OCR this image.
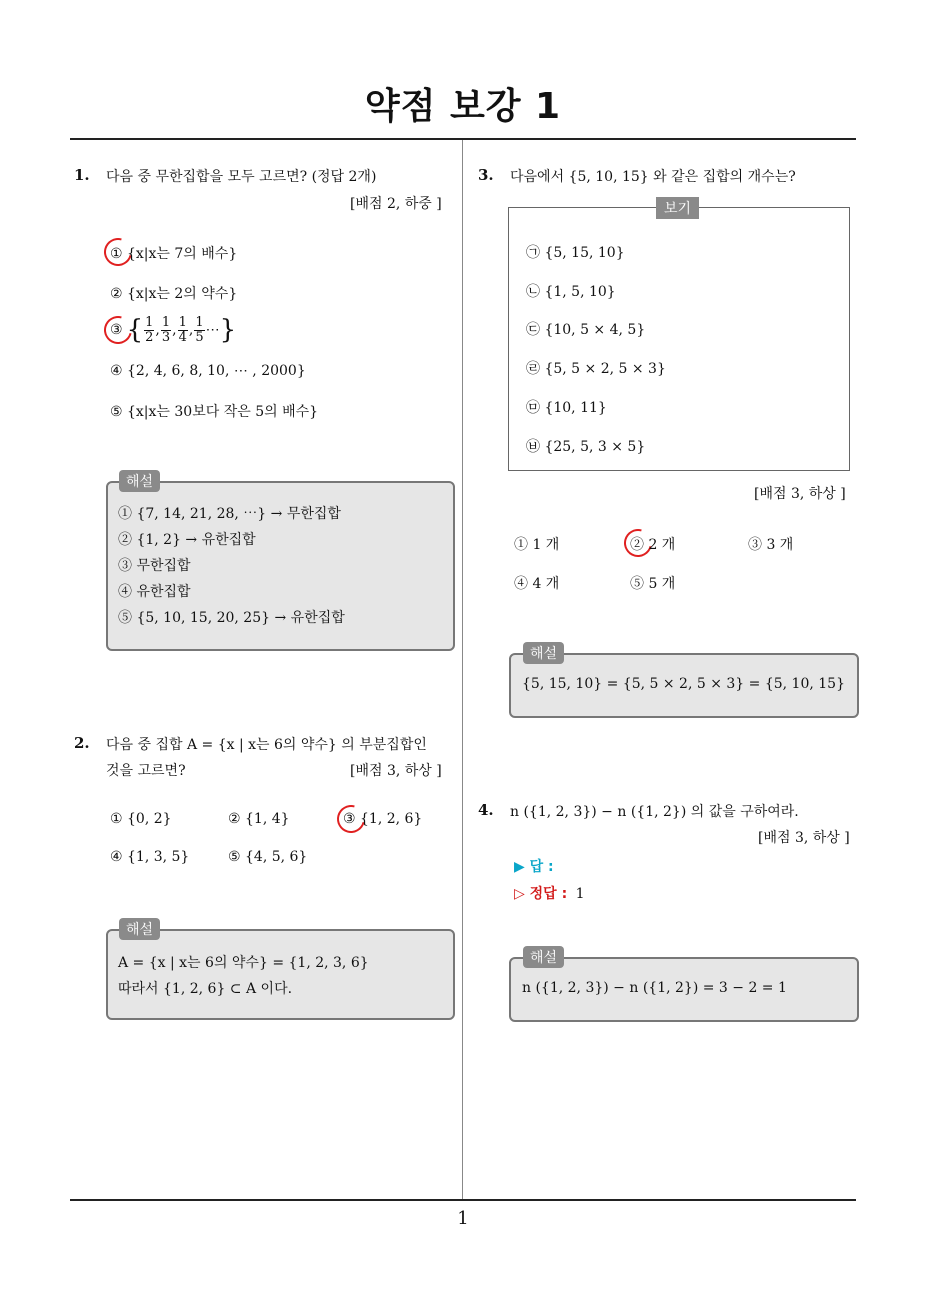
약점 보강 1
1. 다음 중 무한집합을 모두 고르면? (정답 2개)
[배점 2, 하중 ]
① {x|x는 7의 배수}
② {x|x는 2의 약수}
③ { $\frac{1}{2}$ , $\frac{1}{3}$ , $\frac{1}{4}$ , $\frac{1}{5}$ ⋯ }
④ {2, 4, 6, 8, 10, ⋯ , 2000}
⑤ {x|x는 30보다 작은 5의 배수}
해설
① {7, 14, 21, 28, ⋯} → 무한집합
② {1, 2} → 유한집합
③ 무한집합
④ 유한집합
⑤ {5, 10, 15, 20, 25} → 유한집합
2. 다음 중 집합 A = {x | x는 6의 약수} 의 부분집합인
것을 고르면?	[배점 3, 하상 ]
① {0, 2}	② {1, 4}	③ {1, 2, 6}
④ {1, 3, 5}	⑤ {4, 5, 6}
해설
A = {x | x는 6의 약수} = {1, 2, 3, 6}
따라서 {1, 2, 6} ⊂ A 이다.
3. 다음에서 {5, 10, 15} 와 같은 집합의 개수는?
보기
㉠ {5, 15, 10}
㉡ {1, 5, 10}
㉢ {10, 5 × 4, 5}
㉣ {5, 5 × 2, 5 × 3}
㉤ {10, 11}
㉥ {25, 5, 3 × 5}
[배점 3, 하상 ]
① 1 개	② 2 개	③ 3 개
④ 4 개	⑤ 5 개
해설
{5, 15, 10} = {5, 5 × 2, 5 × 3} = {5, 10, 15}
4. n ({1, 2, 3}) − n ({1, 2}) 의 값을 구하여라.
[배점 3, 하상 ]
▶ 답 :
▷ 정답 : 1
해설
n ({1, 2, 3}) − n ({1, 2}) = 3 − 2 = 1
1
